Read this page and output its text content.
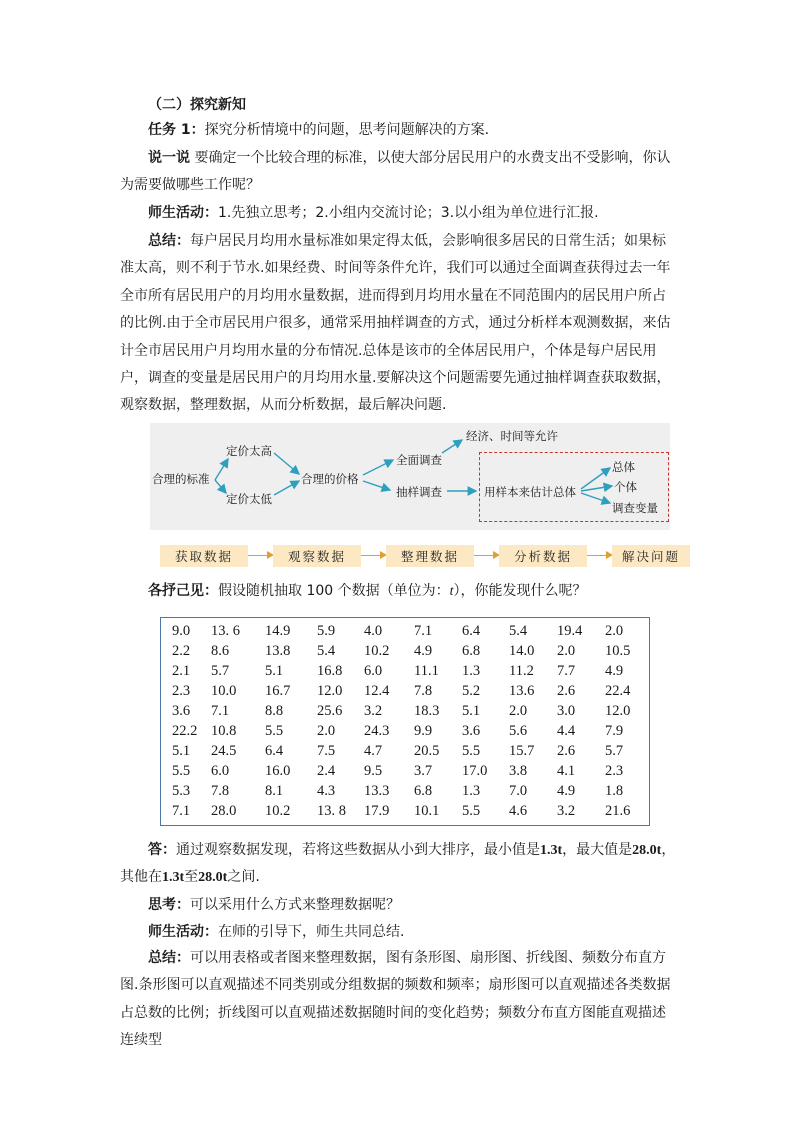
（二）探究新知

任务 1：探究分析情境中的问题，思考问题解决的方案.

说一说 要确定一个比较合理的标准，以使大部分居民用户的水费支出不受影响，你认为需要做哪些工作呢？

师生活动：1.先独立思考；2.小组内交流讨论；3.以小组为单位进行汇报.

总结：每户居民月均用水量标准如果定得太低，会影响很多居民的日常生活；如果标准太高，则不利于节水.如果经费、时间等条件允许，我们可以通过全面调查获得过去一年全市所有居民用户的月均用水量数据，进而得到月均用水量在不同范围内的居民用户所占的比例.由于全市居民用户很多，通常采用抽样调查的方式，通过分析样本观测数据，来估计全市居民用户月均用水量的分布情况.总体是该市的全体居民用户，个体是每户居民用户，调查的变量是居民用户的月均用水量.要解决这个问题需要先通过抽样调查获取数据，观察数据，整理数据，从而分析数据，最后解决问题.

合理的标准
定价太高
定价太低
合理的价格
全面调查
经济、时间等允许
抽样调查	用样本来估计总体
总体
个体
调查变量
获取数据	观察数据	整理数据	分析数据	解决问题

各抒己见：假设随机抽取 100 个数据（单位为：t），你能发现什么呢？

9.0	13. 6	14.9	5.9	4.0	7.1	6.4	5.4	19.4	2.0
2.2	8.6	13.8	5.4	10.2	4.9	6.8	14.0	2.0	10.5
2.1	5.7	5.1	16.8	6.0	11.1	1.3	11.2	7.7	4.9
2.3	10.0	16.7	12.0	12.4	7.8	5.2	13.6	2.6	22.4
3.6	7.1	8.8	25.6	3.2	18.3	5.1	2.0	3.0	12.0
22.2	10.8	5.5	2.0	24.3	9.9	3.6	5.6	4.4	7.9
5.1	24.5	6.4	7.5	4.7	20.5	5.5	15.7	2.6	5.7
5.5	6.0	16.0	2.4	9.5	3.7	17.0	3.8	4.1	2.3
5.3	7.8	8.1	4.3	13.3	6.8	1.3	7.0	4.9	1.8
7.1	28.0	10.2	13. 8	17.9	10.1	5.5	4.6	3.2	21.6

答：通过观察数据发现，若将这些数据从小到大排序，最小值是1.3t，最大值是28.0t，其他在1.3t至28.0t之间.

思考：可以采用什么方式来整理数据呢？

师生活动：在师的引导下，师生共同总结.

总结：可以用表格或者图来整理数据，图有条形图、扇形图、折线图、频数分布直方图.条形图可以直观描述不同类别或分组数据的频数和频率；扇形图可以直观描述各类数据占总数的比例；折线图可以直观描述数据随时间的变化趋势；频数分布直方图能直观描述连续型
